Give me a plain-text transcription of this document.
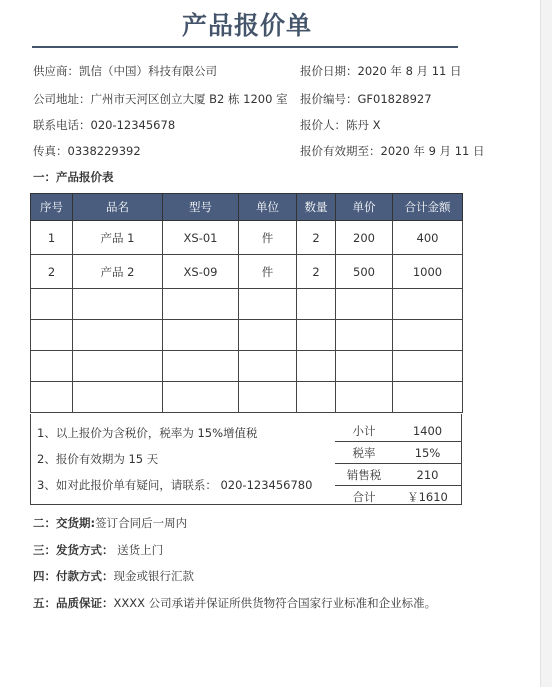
产品报价单
供应商：凯信（中国）科技有限公司
公司地址：广州市天河区创立大厦 B2 栋 1200 室
联系电话：020-12345678
传真：0338229392
报价日期：2020 年 8 月 11 日
报价编号：GF01828927
报价人：陈丹 X
报价有效期至：2020 年 9 月 11 日
一：产品报价表
序号	品名	型号	单位	数量	单价	合计金额
1	产品 1	XS-01	件	2	200	400
2	产品 2	XS-09	件	2	500	1000

1、以上报价为含税价，税率为 15%增值税
2、报价有效期为 15 天
3、如对此报价单有疑问，请联系： 020-123456780
小计	1400
税率	15%
销售税	210
合计	￥1610
二：交货期:签订合同后一周内
三：发货方式： 送货上门
四：付款方式：现金或银行汇款
五：品质保证：XXXX 公司承诺并保证所供货物符合国家行业标准和企业标准。
